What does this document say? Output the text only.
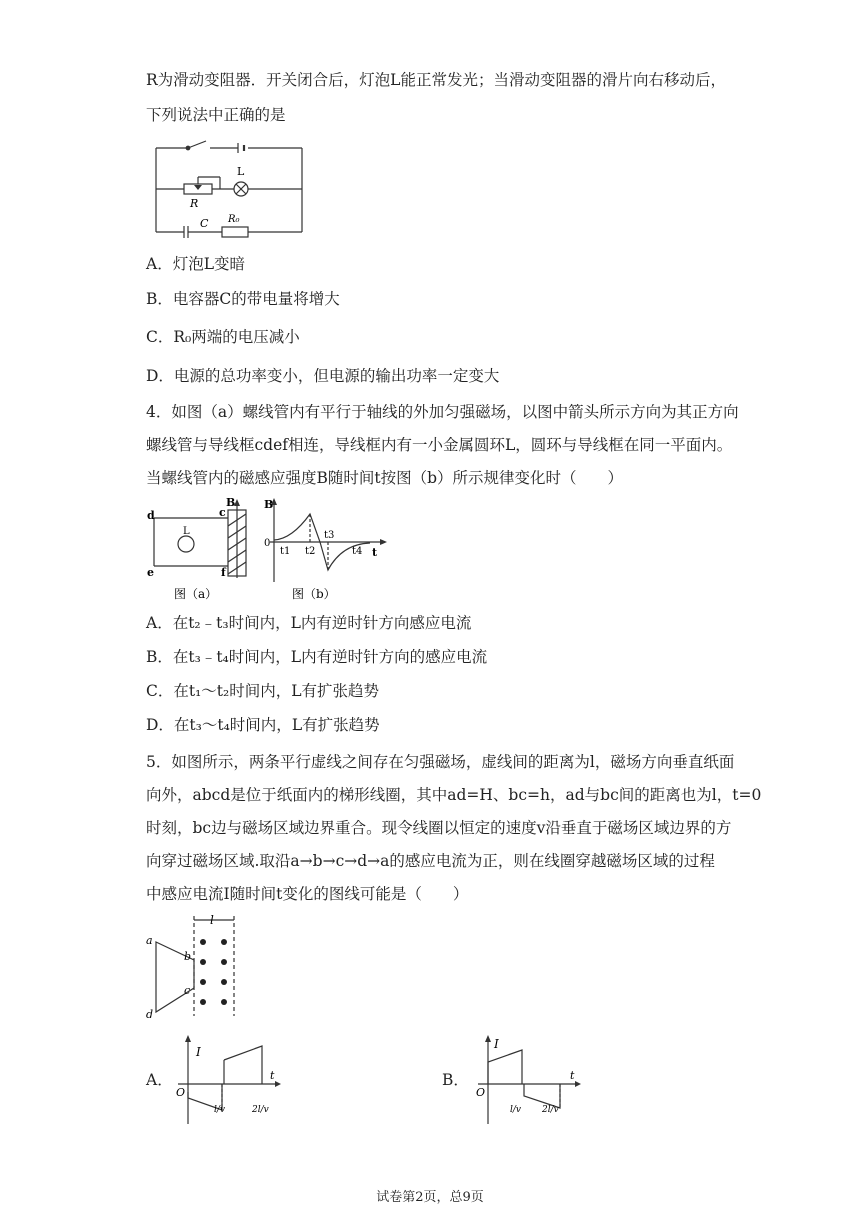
R为滑动变阻器．开关闭合后，灯泡L能正常发光；当滑动变阻器的滑片向右移动后，
下列说法中正确的是
L
R
C R₀
A．灯泡L变暗
B．电容器C的带电量将增大
C．R₀两端的电压减小
D．电源的总功率变小，但电源的输出功率一定变大
4．如图（a）螺线管内有平行于轴线的外加匀强磁场，以图中箭头所示方向为其正方向
螺线管与导线框cdef相连，导线框内有一小金属圆环L，圆环与导线框在同一平面内。
当螺线管内的磁感应强度B随时间t按图（b）所示规律变化时（　　）
d	c
e	f
B
L
图（a）
B
0
t1 t2
t3
t4 t
图（b）
A．在t₂﹣t₃时间内，L内有逆时针方向感应电流
B．在t₃﹣t₄时间内，L内有逆时针方向的感应电流
C．在t₁～t₂时间内，L有扩张趋势
D．在t₃～t₄时间内，L有扩张趋势
5．如图所示，两条平行虚线之间存在匀强磁场，虚线间的距离为l，磁场方向垂直纸面
向外，abcd是位于纸面内的梯形线圈，其中ad=H、bc=h，ad与bc间的距离也为l，t=0
时刻，bc边与磁场区域边界重合。现令线圈以恒定的速度v沿垂直于磁场区域边界的方
向穿过磁场区域.取沿a→b→c→d→a的感应电流为正，则在线圈穿越磁场区域的过程
中感应电流I随时间t变化的图线可能是（　　）
l
a
b
c
d
A．
I
O
t
l/v	2l/v
B．
I
O
t
l/v 2l/v
试卷第2页，总9页
